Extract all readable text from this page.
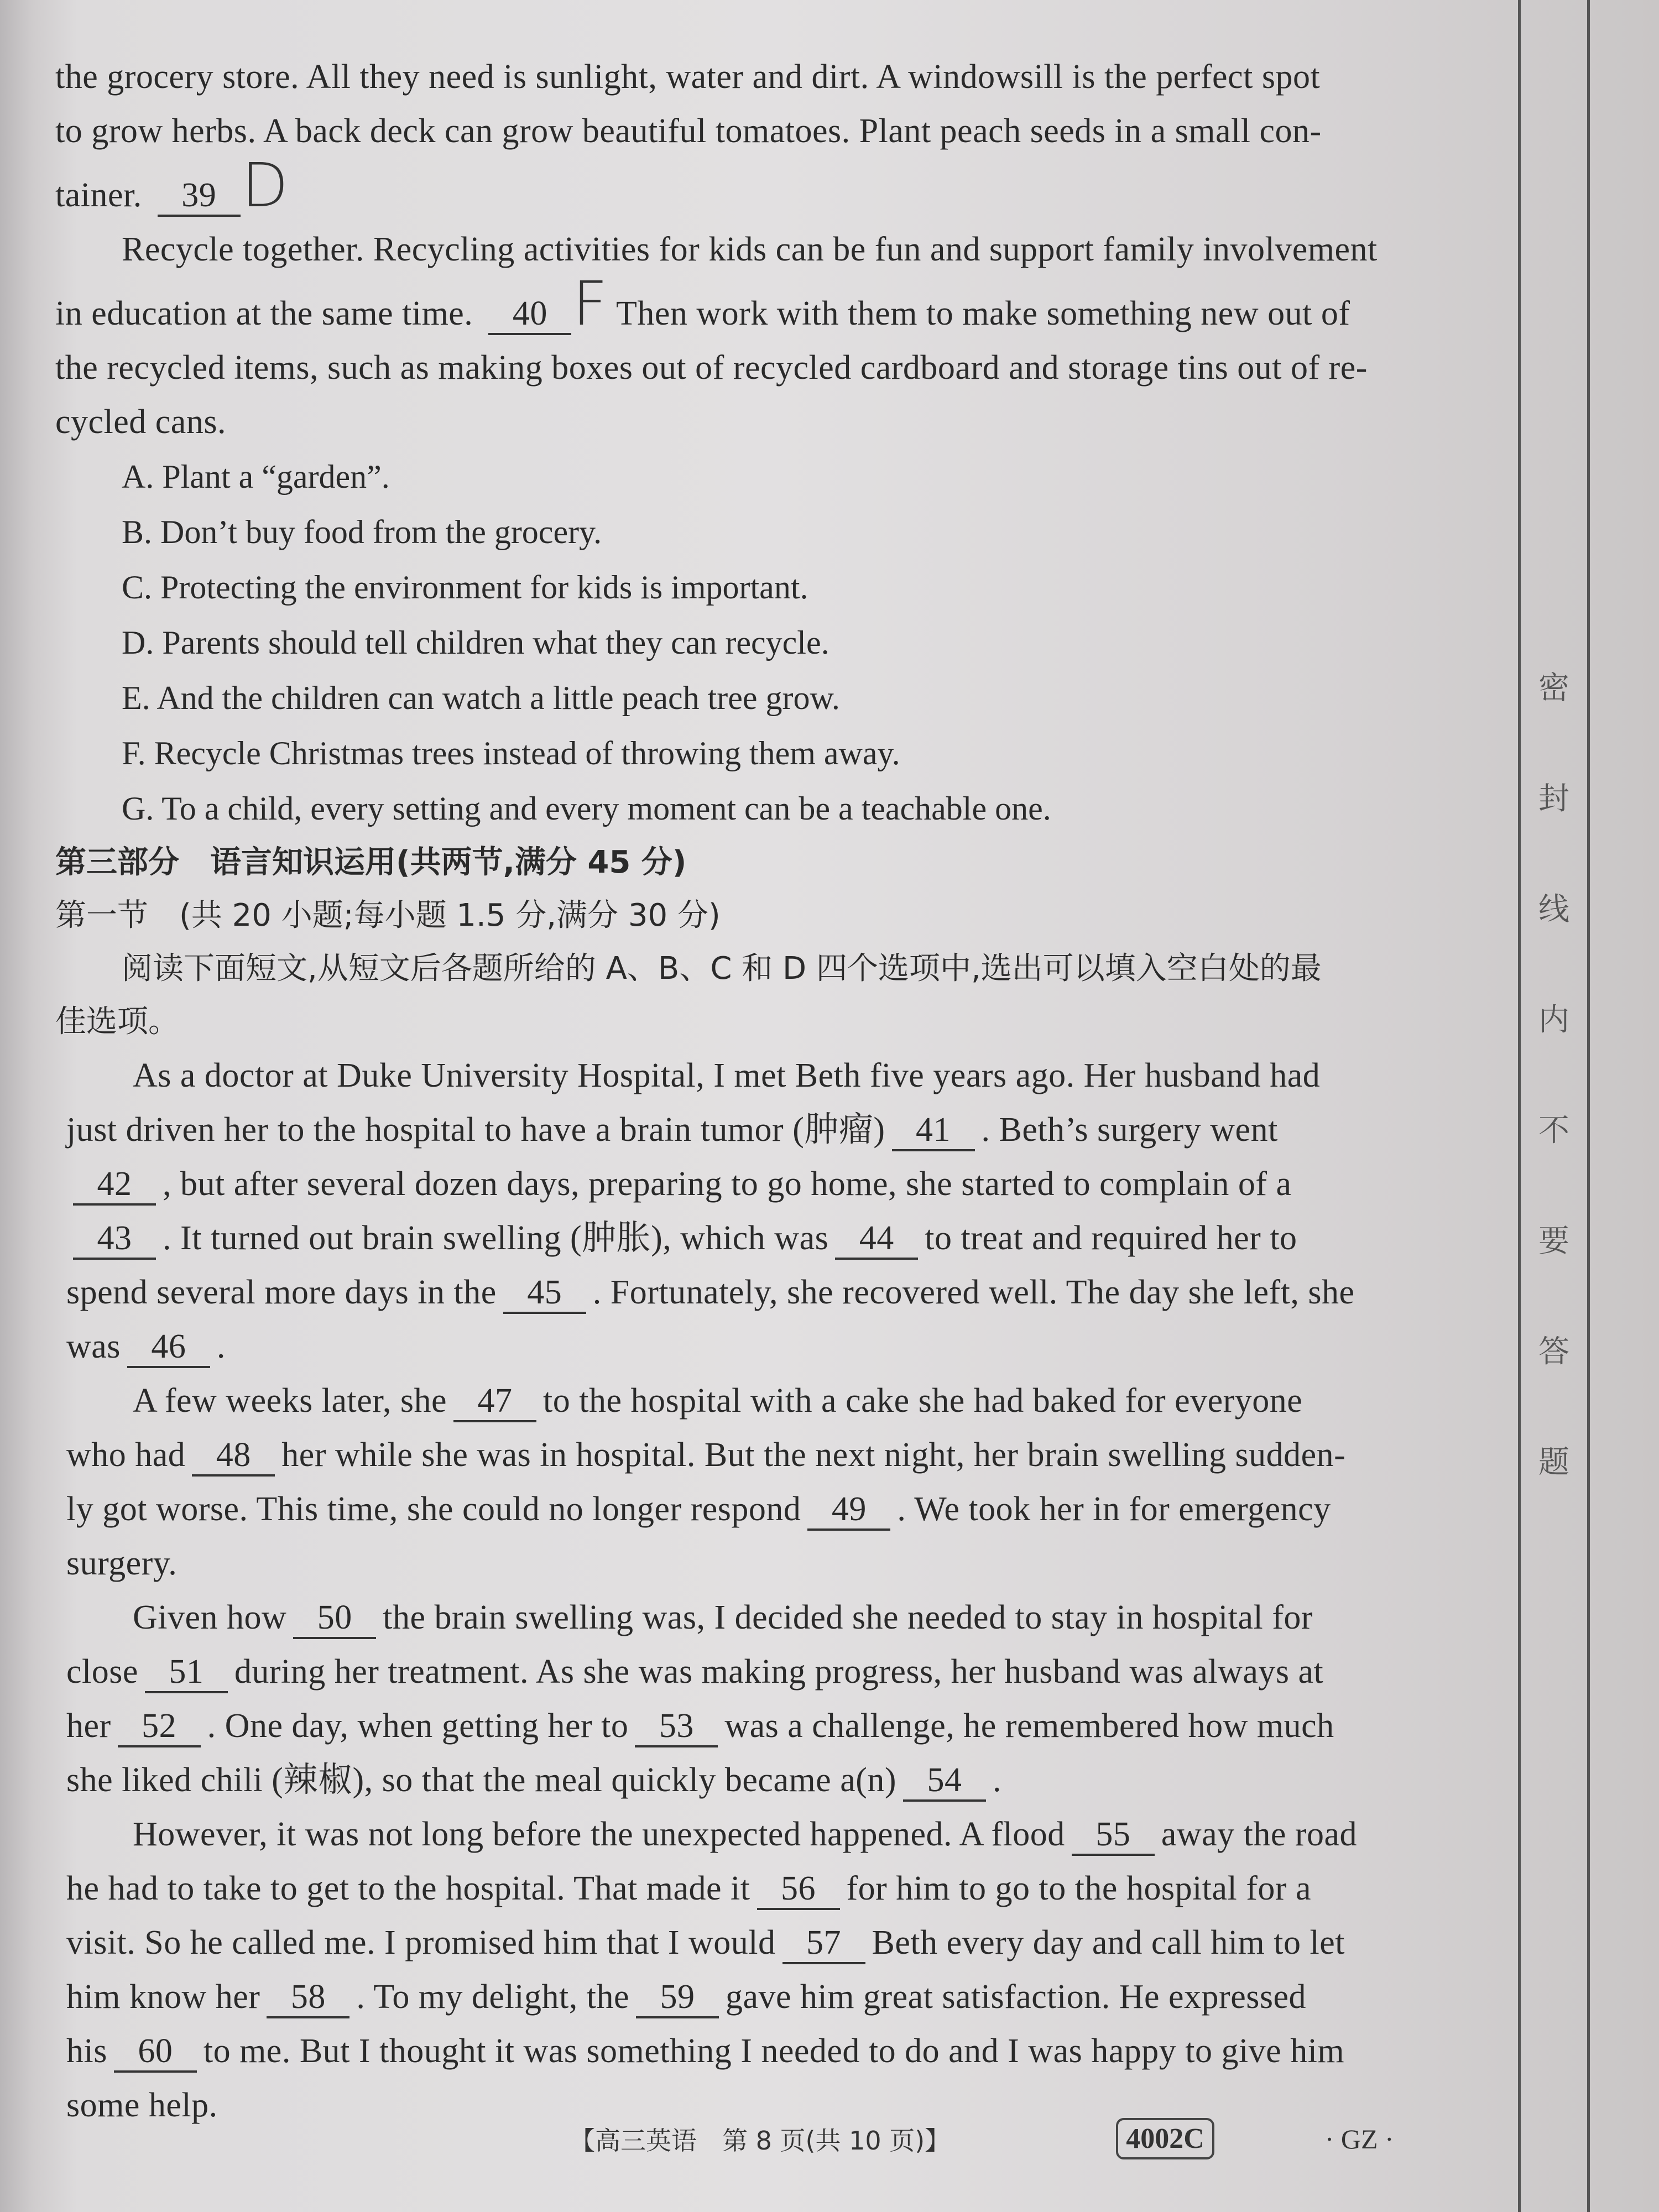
密
封
线
内
不
要
答
题
the grocery store. All they need is sunlight, water and dirt. A windowsill is the perfect spot
to grow herbs. A back deck can grow beautiful tomatoes. Plant peach seeds in a small con-
tainer. 39 D
Recycle together. Recycling activities for kids can be fun and support family involvement
in education at the same time. 40 F Then work with them to make something new out of
the recycled items, such as making boxes out of recycled cardboard and storage tins out of re-
cycled cans.
A. Plant a “garden”.
B. Don’t buy food from the grocery.
C. Protecting the environment for kids is important.
D. Parents should tell children what they can recycle.
E. And the children can watch a little peach tree grow.
F. Recycle Christmas trees instead of throwing them away.
G. To a child, every setting and every moment can be a teachable one.
第三部分　语言知识运用(共两节,满分 45 分)
第一节　(共 20 小题;每小题 1.5 分,满分 30 分)
阅读下面短文,从短文后各题所给的 A、B、C 和 D 四个选项中,选出可以填入空白处的最
佳选项。
As a doctor at Duke University Hospital, I met Beth five years ago. Her husband had
just driven her to the hospital to have a brain tumor (肿瘤) 41 . Beth’s surgery went
42 , but after several dozen days, preparing to go home, she started to complain of a
43 . It turned out brain swelling (肿胀), which was 44 to treat and required her to
spend several more days in the 45 . Fortunately, she recovered well. The day she left, she
was 46 .
A few weeks later, she 47 to the hospital with a cake she had baked for everyone
who had 48 her while she was in hospital. But the next night, her brain swelling sudden-
ly got worse. This time, she could no longer respond 49 . We took her in for emergency
surgery.
Given how 50 the brain swelling was, I decided she needed to stay in hospital for
close 51 during her treatment. As she was making progress, her husband was always at
her 52 . One day, when getting her to 53 was a challenge, he remembered how much
she liked chili (辣椒), so that the meal quickly became a(n) 54 .
However, it was not long before the unexpected happened. A flood 55 away the road
he had to take to get to the hospital. That made it 56 for him to go to the hospital for a
visit. So he called me. I promised him that I would 57 Beth every day and call him to let
him know her 58 . To my delight, the 59 gave him great satisfaction. He expressed
his 60 to me. But I thought it was something I needed to do and I was happy to give him
some help.
【高三英语　第 8 页(共 10 页)】	4002C	· GZ ·
